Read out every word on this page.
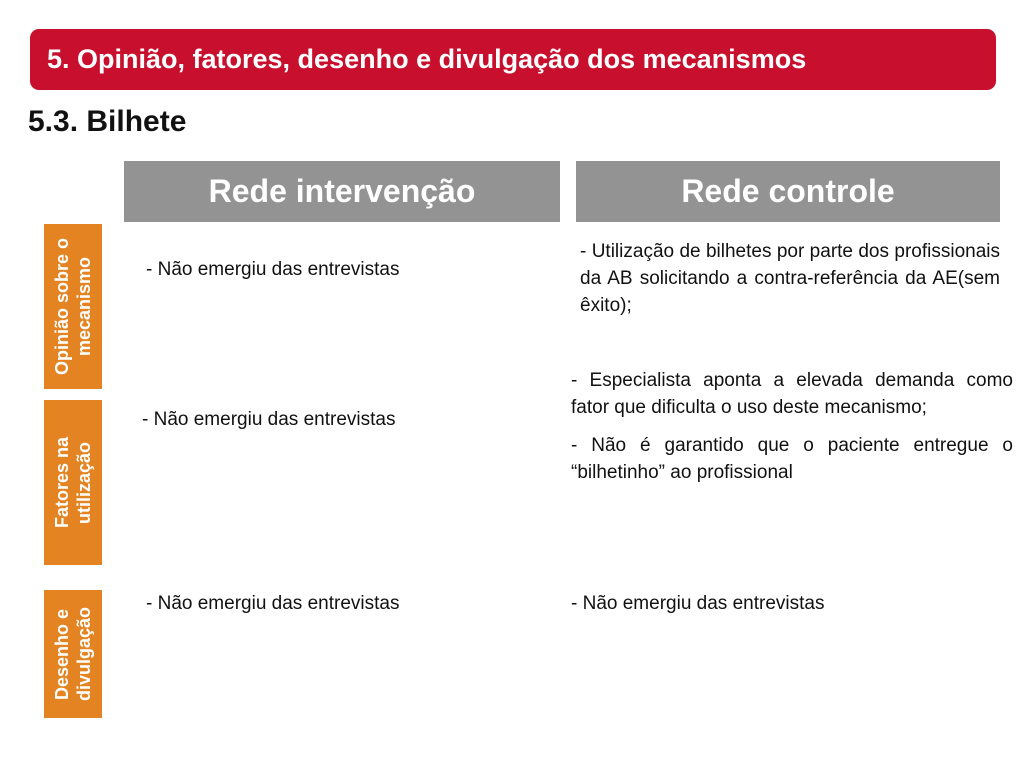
5. Opinião, fatores, desenho e divulgação dos mecanismos
5.3. Bilhete
Rede intervenção	Rede controle
Opinião sobre o mecanismo
Fatores na utilização
Desenho e divulgação
- Não emergiu das entrevistas

- Utilização de bilhetes por parte dos profissionais da AB solicitando a contra-referência da AE(sem êxito);

- Não emergiu das entrevistas

- Especialista aponta a elevada demanda como fator que dificulta o uso deste mecanismo;

- Não é garantido que o paciente entregue o “bilhetinho” ao profissional

- Não emergiu das entrevistas	- Não emergiu das entrevistas
